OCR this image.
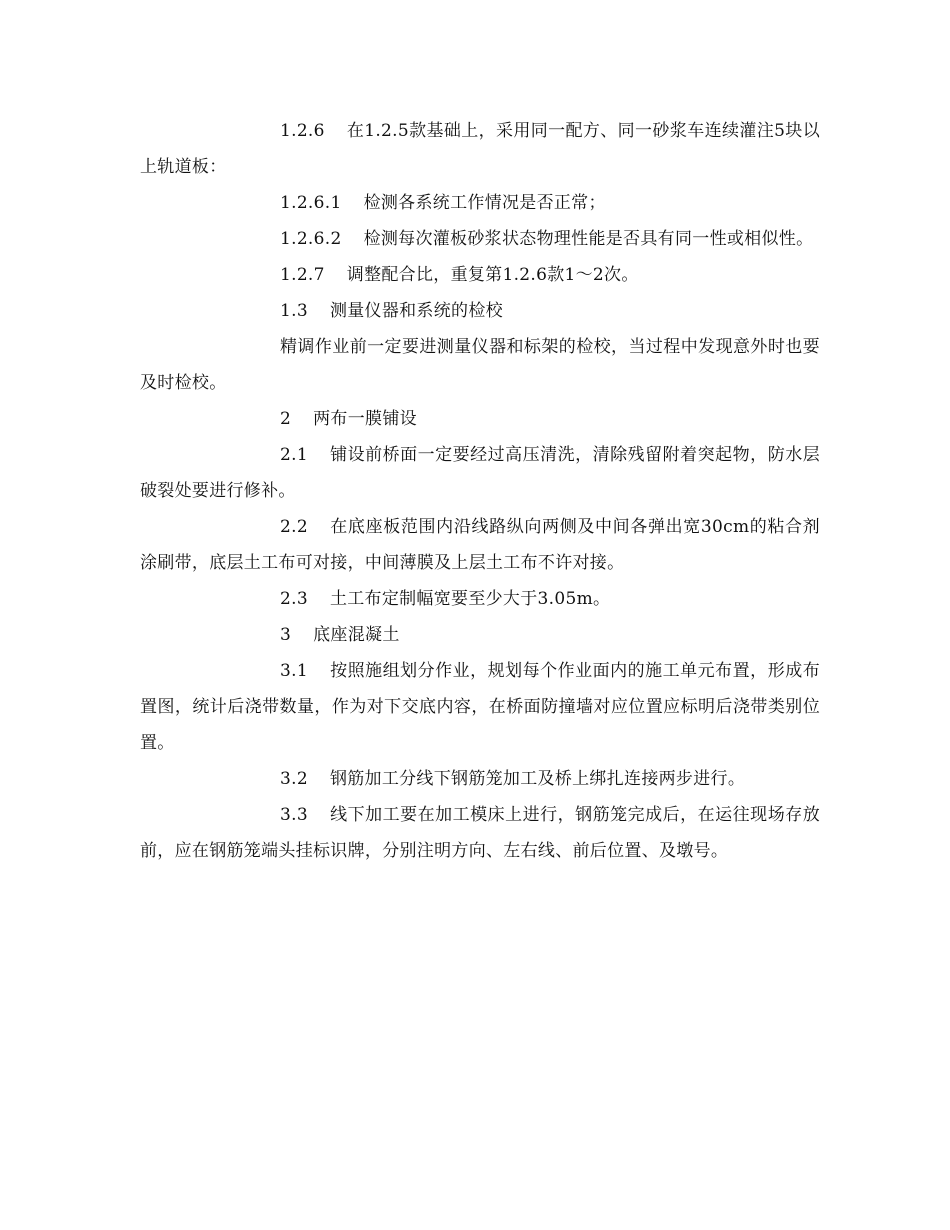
1.2.6 在1.2.5款基础上，采用同一配方、同一砂浆车连续灌注5块以上轨道板：

1.2.6.1 检测各系统工作情况是否正常；

1.2.6.2 检测每次灌板砂浆状态物理性能是否具有同一性或相似性。

1.2.7 调整配合比，重复第1.2.6款1～2次。

1.3 测量仪器和系统的检校

精调作业前一定要进测量仪器和标架的检校，当过程中发现意外时也要及时检校。

2 两布一膜铺设

2.1 铺设前桥面一定要经过高压清洗，清除残留附着突起物，防水层破裂处要进行修补。

2.2 在底座板范围内沿线路纵向两侧及中间各弹出宽30cm的粘合剂涂刷带，底层土工布可对接，中间薄膜及上层土工布不许对接。

2.3 土工布定制幅宽要至少大于3.05m。

3 底座混凝土

3.1 按照施组划分作业，规划每个作业面内的施工单元布置，形成布置图，统计后浇带数量，作为对下交底内容，在桥面防撞墙对应位置应标明后浇带类别位置。

3.2 钢筋加工分线下钢筋笼加工及桥上绑扎连接两步进行。

3.3 线下加工要在加工模床上进行，钢筋笼完成后，在运往现场存放前，应在钢筋笼端头挂标识牌，分别注明方向、左右线、前后位置、及墩号。
